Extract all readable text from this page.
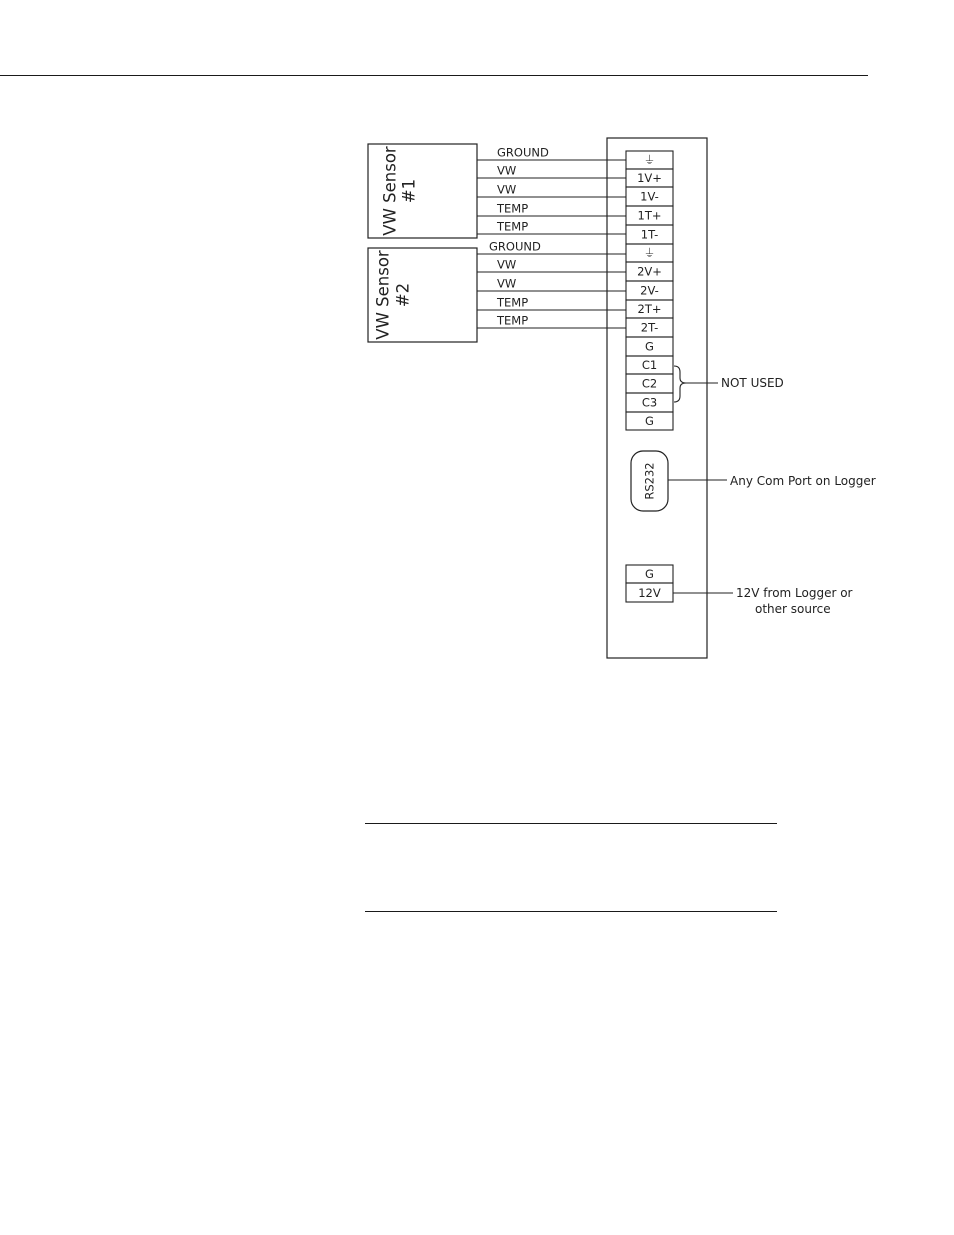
VW Sensor #1
VW Sensor #2
GROUND
VW
VW
TEMP
TEMP
GROUND
VW
VW
TEMP
TEMP
⏚
1V+
1V-
1T+
1T-
⏚
2V+
2V-
2T+
2T-
G
C1
C2
C3
G
NOT USED
RS232	Any Com Port on Logger
G
12V	12V from Logger or
other source
